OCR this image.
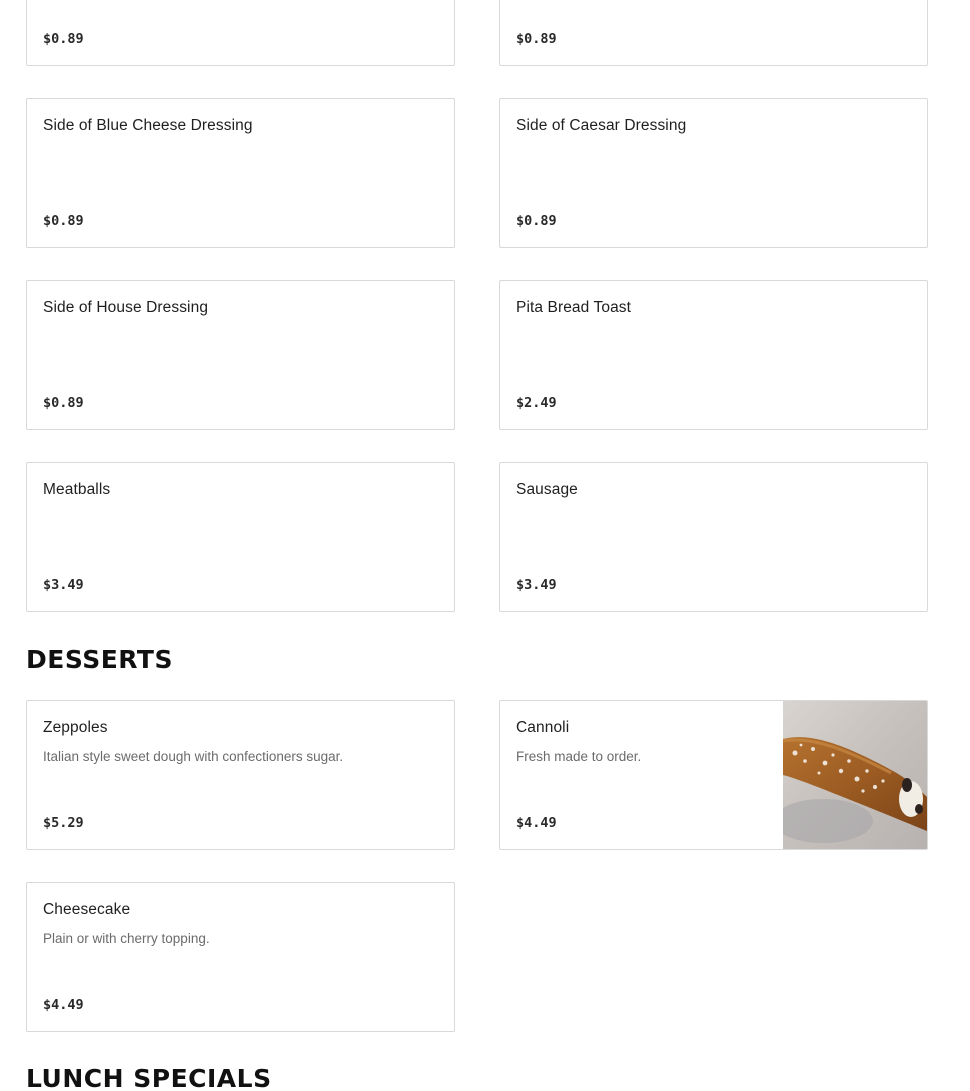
$0.89	$0.89
Side of Blue Cheese Dressing
$0.89
Side of Caesar Dressing
$0.89
Side of House Dressing
$0.89
Pita Bread Toast
$2.49
Meatballs
$3.49
Sausage
$3.49
DESSERTS
Zeppoles
Italian style sweet dough with confectioners sugar.
$5.29
Cannoli
Fresh made to order.
$4.49
Cheesecake
Plain or with cherry topping.
$4.49
LUNCH SPECIALS
